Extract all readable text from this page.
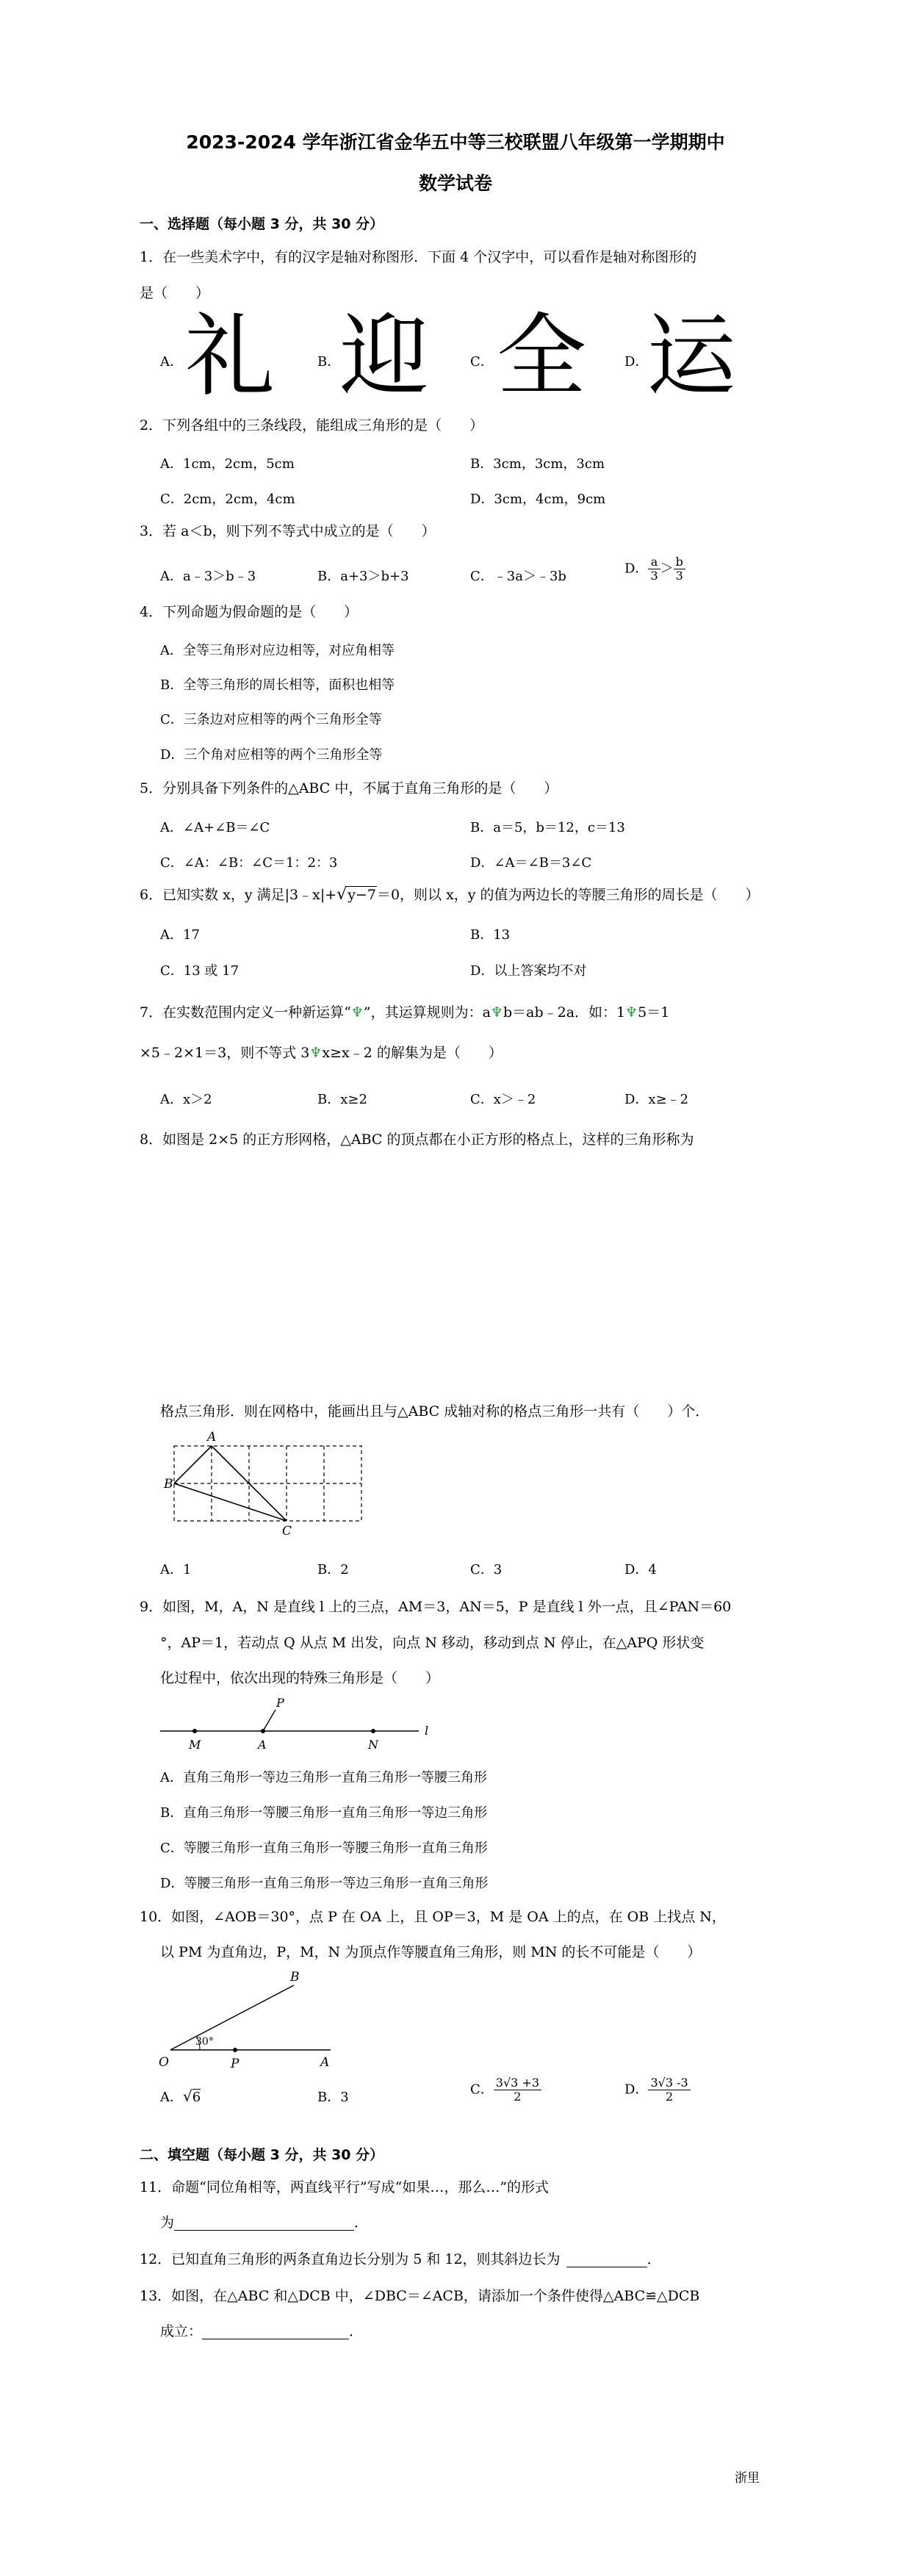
2023-2024 学年浙江省金华五中等三校联盟八年级第一学期期中
数学试卷
一、选择题（每小题 3 分，共 30 分）
1．在一些美术字中，有的汉字是轴对称图形．下面 4 个汉字中，可以看作是轴对称图形的
是（　　）
A． 礼	B．
迎	C． 全	D．
运
2．下列各组中的三条线段，能组成三角形的是（　　）
A．1cm，2cm，5cm	B．3cm，3cm，3cm
C．2cm，2cm，4cm	D．3cm，4cm，9cm
3．若 a＜b，则下列不等式中成立的是（　　）
A．a﹣3＞b﹣3	B．a+3＞b+3	C．﹣3a＞﹣3b	D． $\frac{a}{3} > \frac{b}{3}$
4．下列命题为假命题的是（　　）
A．全等三角形对应边相等，对应角相等
B．全等三角形的周长相等，面积也相等
C．三条边对应相等的两个三角形全等
D．三个角对应相等的两个三角形全等
5．分别具备下列条件的△ABC 中，不属于直角三角形的是（　　）
A．∠A+∠B＝∠C	B．a＝5，b＝12，c＝13
C．∠A：∠B：∠C＝1：2：3	D．∠A＝∠B＝3∠C
6．已知实数 x，y 满足|3﹣x|+√y−7＝0，则以 x，y 的值为两边长的等腰三角形的周长是（　　）
A．17	B．13
C．13 或 17	D．以上答案均不对
7．在实数范围内定义一种新运算“♆”，其运算规则为：a♆b＝ab﹣2a．如：1♆5＝1
×5﹣2×1＝3，则不等式 3♆x≥x﹣2 的解集为是（　　）
A．x＞2	B．x≥2	C．x＞﹣2	D．x≥﹣2
8．如图是 2×5 的正方形网格，△ABC 的顶点都在小正方形的格点上，这样的三角形称为
格点三角形．则在网格中，能画出且与△ABC 成轴对称的格点三角形一共有（　　）个．
A
B
C
A．1	B．2	C．3	D．4
9．如图，M，A，N 是直线 l 上的三点，AM＝3，AN＝5，P 是直线 l 外一点，且∠PAN＝60
°，AP＝1，若动点 Q 从点 M 出发，向点 N 移动，移动到点 N 停止，在△APQ 形状变
化过程中，依次出现的特殊三角形是（　　）
M	A	N
P
l
A．直角三角形一等边三角形一直角三角形一等腰三角形
B．直角三角形一等腰三角形一直角三角形一等边三角形
C．等腰三角形一直角三角形一等腰三角形一直角三角形
D．等腰三角形一直角三角形一等边三角形一直角三角形
10．如图，∠AOB＝30°，点 P 在 OA 上，且 OP＝3，M 是 OA 上的点，在 OB 上找点 N，
以 PM 为直角边，P，M，N 为顶点作等腰直角三角形，则 MN 的长不可能是（　　）
30°
O	P	A
B
A．√6	B．3	C． $\frac{3√3 +3}{2}$	D． $\frac{3√3 -3}{2}$
二、填空题（每小题 3 分，共 30 分）
11．命题“同位角相等，两直线平行”写成“如果…，那么…”的形式
为	．
12．已知直角三角形的两条直角边长分别为 5 和 12，则其斜边长为	．
13．如图，在△ABC 和△DCB 中，∠DBC＝∠ACB，请添加一个条件使得△ABC≌△DCB
成立：	．
浙里
